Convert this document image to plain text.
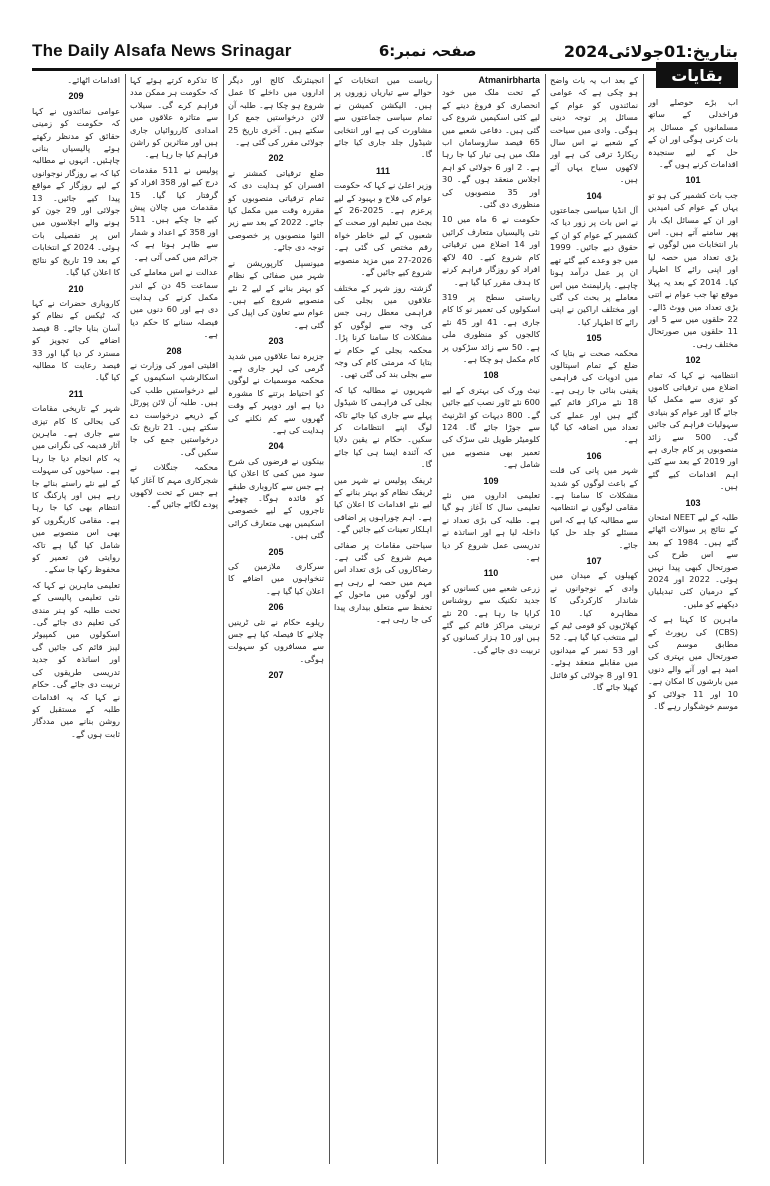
The Daily Alsafa News Srinagar	صفحہ نمبر:6	بتاریخ:01جولائی2024
بقایات
اقدامات اٹھائے۔
209
عوامی نمائندوں نے کہا کہ حکومت کو زمینی حقائق کو مدنظر رکھتے ہوئے پالیسیاں بنانی چاہئیں۔ انہوں نے مطالبہ کیا کہ بے روزگار نوجوانوں کے لیے روزگار کے مواقع پیدا کیے جائیں۔ 13 جولائی اور 29 جون کو ہونے والے اجلاسوں میں اس پر تفصیلی بات ہوئی۔ 2024 کے انتخابات کے بعد 19 تاریخ کو نتائج کا اعلان کیا گیا۔
210
کاروباری حضرات نے کہا کہ ٹیکس کے نظام کو آسان بنایا جائے۔ 8 فیصد اضافے کی تجویز کو مسترد کر دیا گیا اور 33 فیصد رعایت کا مطالبہ کیا گیا۔
211
شہر کے تاریخی مقامات کی بحالی کا کام تیزی سے جاری ہے۔ ماہرین آثار قدیمہ کی نگرانی میں یہ کام انجام دیا جا رہا ہے۔ سیاحوں کی سہولت کے لیے نئے راستے بنائے جا رہے ہیں اور پارکنگ کا انتظام بھی کیا جا رہا ہے۔ مقامی کاریگروں کو بھی اس منصوبے میں شامل کیا گیا ہے تاکہ روایتی فن تعمیر کو محفوظ رکھا جا سکے۔
تعلیمی ماہرین نے کہا کہ نئی تعلیمی پالیسی کے تحت طلبہ کو ہنر مندی کی تعلیم دی جائے گی۔ اسکولوں میں کمپیوٹر لیبز قائم کی جائیں گی اور اساتذہ کو جدید تدریسی طریقوں کی تربیت دی جائے گی۔ حکام نے کہا کہ یہ اقدامات طلبہ کے مستقبل کو روشن بنانے میں مددگار ثابت ہوں گے۔
کا تذکرہ کرتے ہوئے کہا کہ حکومت ہر ممکن مدد فراہم کرے گی۔ سیلاب سے متاثرہ علاقوں میں امدادی کارروائیاں جاری ہیں اور متاثرین کو راشن فراہم کیا جا رہا ہے۔
پولیس نے 511 مقدمات درج کیے اور 358 افراد کو گرفتار کیا گیا۔ 15 مقدمات میں چالان پیش کیے جا چکے ہیں۔ 511 اور 358 کے اعداد و شمار سے ظاہر ہوتا ہے کہ جرائم میں کمی آئی ہے۔
عدالت نے اس معاملے کی سماعت 45 دن کے اندر مکمل کرنے کی ہدایت دی ہے اور 60 دنوں میں فیصلہ سنانے کا حکم دیا ہے۔
208
اقلیتی امور کی وزارت نے اسکالرشپ اسکیموں کے لیے درخواستیں طلب کی ہیں۔ طلبہ آن لائن پورٹل کے ذریعے درخواست دے سکتے ہیں۔ 21 تاریخ تک درخواستیں جمع کی جا سکیں گی۔
محکمہ جنگلات نے شجرکاری مہم کا آغاز کیا ہے جس کے تحت لاکھوں پودے لگائے جائیں گے۔
انجینئرنگ کالج اور دیگر اداروں میں داخلے کا عمل شروع ہو چکا ہے۔ طلبہ آن لائن درخواستیں جمع کرا سکتے ہیں۔ آخری تاریخ 25 جولائی مقرر کی گئی ہے۔
202
ضلع ترقیاتی کمشنر نے افسران کو ہدایت دی کہ تمام ترقیاتی منصوبوں کو مقررہ وقت میں مکمل کیا جائے۔ 2022 کے بعد سے زیر التوا منصوبوں پر خصوصی توجہ دی جائے۔
میونسپل کارپوریشن نے شہر میں صفائی کے نظام کو بہتر بنانے کے لیے 2 نئے منصوبے شروع کیے ہیں۔ عوام سے تعاون کی اپیل کی گئی ہے۔
203
جزیرہ نما علاقوں میں شدید گرمی کی لہر جاری ہے۔ محکمہ موسمیات نے لوگوں کو احتیاط برتنے کا مشورہ دیا ہے اور دوپہر کے وقت گھروں سے کم نکلنے کی ہدایت کی ہے۔
204
بینکوں نے قرضوں کی شرح سود میں کمی کا اعلان کیا ہے جس سے کاروباری طبقے کو فائدہ ہوگا۔ چھوٹے تاجروں کے لیے خصوصی اسکیمیں بھی متعارف کرائی گئی ہیں۔
205
سرکاری ملازمین کی تنخواہوں میں اضافے کا اعلان کیا گیا ہے۔
206
ریلوے حکام نے نئی ٹرینیں چلانے کا فیصلہ کیا ہے جس سے مسافروں کو سہولت ہوگی۔
207
ریاست میں انتخابات کے حوالے سے تیاریاں زوروں پر ہیں۔ الیکشن کمیشن نے تمام سیاسی جماعتوں سے مشاورت کی ہے اور انتخابی شیڈول جلد جاری کیا جائے گا۔
111
وزیر اعلیٰ نے کہا کہ حکومت عوام کی فلاح و بہبود کے لیے پرعزم ہے۔ 2025-26 کے بجٹ میں تعلیم اور صحت کے شعبوں کے لیے خاطر خواہ رقم مختص کی گئی ہے۔ 2026-27 میں مزید منصوبے شروع کیے جائیں گے۔
گزشتہ روز شہر کے مختلف علاقوں میں بجلی کی فراہمی معطل رہی جس کی وجہ سے لوگوں کو مشکلات کا سامنا کرنا پڑا۔ محکمہ بجلی کے حکام نے بتایا کہ مرمتی کام کی وجہ سے بجلی بند کی گئی تھی۔
شہریوں نے مطالبہ کیا کہ بجلی کی فراہمی کا شیڈول پہلے سے جاری کیا جائے تاکہ لوگ اپنے انتظامات کر سکیں۔ حکام نے یقین دلایا کہ آئندہ ایسا ہی کیا جائے گا۔
ٹریفک پولیس نے شہر میں ٹریفک نظام کو بہتر بنانے کے لیے نئے اقدامات کا اعلان کیا ہے۔ اہم چوراہوں پر اضافی اہلکار تعینات کیے جائیں گے۔
سیاحتی مقامات پر صفائی مہم شروع کی گئی ہے۔ رضاکاروں کی بڑی تعداد اس مہم میں حصہ لے رہی ہے اور لوگوں میں ماحول کے تحفظ سے متعلق بیداری پیدا کی جا رہی ہے۔
Atmanirbharta
کے تحت ملک میں خود انحصاری کو فروغ دینے کے لیے کئی اسکیمیں شروع کی گئی ہیں۔ دفاعی شعبے میں 65 فیصد سازوسامان اب ملک میں ہی تیار کیا جا رہا ہے۔ 2 اور 6 جولائی کو اہم اجلاس منعقد ہوں گے۔ 30 اور 35 منصوبوں کی منظوری دی گئی۔
حکومت نے 6 ماہ میں 10 نئی پالیسیاں متعارف کرائیں اور 14 اضلاع میں ترقیاتی کام شروع کیے۔ 40 لاکھ افراد کو روزگار فراہم کرنے کا ہدف مقرر کیا گیا ہے۔
ریاستی سطح پر 319 اسکولوں کی تعمیر نو کا کام جاری ہے۔ 41 اور 45 نئے کالجوں کو منظوری ملی ہے۔ 50 سے زائد سڑکوں پر کام مکمل ہو چکا ہے۔
108
نیٹ ورک کی بہتری کے لیے 600 نئے ٹاور نصب کیے جائیں گے۔ 800 دیہات کو انٹرنیٹ سے جوڑا جائے گا۔ 124 کلومیٹر طویل نئی سڑک کی تعمیر بھی منصوبے میں شامل ہے۔
109
تعلیمی اداروں میں نئے تعلیمی سال کا آغاز ہو گیا ہے۔ طلبہ کی بڑی تعداد نے داخلہ لیا ہے اور اساتذہ نے تدریسی عمل شروع کر دیا ہے۔
110
زرعی شعبے میں کسانوں کو جدید تکنیک سے روشناس کرایا جا رہا ہے۔ 20 نئے تربیتی مراکز قائم کیے گئے ہیں اور 10 ہزار کسانوں کو تربیت دی جائے گی۔
کے بعد اب یہ بات واضح ہو چکی ہے کہ عوامی نمائندوں کو عوام کے مسائل پر توجہ دینی ہوگی۔ وادی میں سیاحت کے شعبے نے اس سال ریکارڈ ترقی کی ہے اور لاکھوں سیاح یہاں آئے ہیں۔
104
آل انڈیا سیاسی جماعتوں نے اس بات پر زور دیا کہ کشمیر کے عوام کو ان کے حقوق دیے جائیں۔ 1999 میں جو وعدے کیے گئے تھے ان پر عمل درآمد ہونا چاہیے۔ پارلیمنٹ میں اس معاملے پر بحث کی گئی اور مختلف اراکین نے اپنی رائے کا اظہار کیا۔
105
محکمہ صحت نے بتایا کہ ضلع کے تمام اسپتالوں میں ادویات کی فراہمی یقینی بنائی جا رہی ہے۔ 18 نئے مراکز قائم کیے گئے ہیں اور عملے کی تعداد میں اضافہ کیا گیا ہے۔
106
شہر میں پانی کی قلت کے باعث لوگوں کو شدید مشکلات کا سامنا ہے۔ مقامی لوگوں نے انتظامیہ سے مطالبہ کیا ہے کہ اس مسئلے کو جلد حل کیا جائے۔
107
کھیلوں کے میدان میں وادی کے نوجوانوں نے شاندار کارکردگی کا مظاہرہ کیا۔ 10 کھلاڑیوں کو قومی ٹیم کے لیے منتخب کیا گیا ہے۔ 52 اور 53 نمبر کے میدانوں میں مقابلے منعقد ہوئے۔ 91 اور 8 جولائی کو فائنل کھیلا جائے گا۔
اب بڑے حوصلے اور فراخدلی کے ساتھ مسلمانوں کے مسائل پر بات کرنی ہوگی اور ان کے حل کے لیے سنجیدہ اقدامات کرنے ہوں گے۔
101
جب بات کشمیر کی ہو تو یہاں کے عوام کی امیدیں اور ان کے مسائل ایک بار پھر سامنے آتے ہیں۔ اس بار انتخابات میں لوگوں نے بڑی تعداد میں حصہ لیا اور اپنی رائے کا اظہار کیا۔ 2014 کے بعد یہ پہلا موقع تھا جب عوام نے اتنی بڑی تعداد میں ووٹ ڈالے۔ 22 حلقوں میں سے 5 اور 11 حلقوں میں صورتحال مختلف رہی۔
102
انتظامیہ نے کہا کہ تمام اضلاع میں ترقیاتی کاموں کو تیزی سے مکمل کیا جائے گا اور عوام کو بنیادی سہولیات فراہم کی جائیں گی۔ 500 سے زائد منصوبوں پر کام جاری ہے اور 2019 کے بعد سے کئی اہم اقدامات کیے گئے ہیں۔
103
طلبہ کے لیے NEET امتحان کے نتائج پر سوالات اٹھائے گئے ہیں۔ 1984 کے بعد سے اس طرح کی صورتحال کبھی پیدا نہیں ہوئی۔ 2022 اور 2024 کے درمیان کئی تبدیلیاں دیکھنے کو ملیں۔
ماہرین کا کہنا ہے کہ (CBS) کی رپورٹ کے مطابق موسم کی صورتحال میں بہتری کی امید ہے اور آنے والے دنوں میں بارشوں کا امکان ہے۔ 10 اور 11 جولائی کو موسم خوشگوار رہے گا۔
